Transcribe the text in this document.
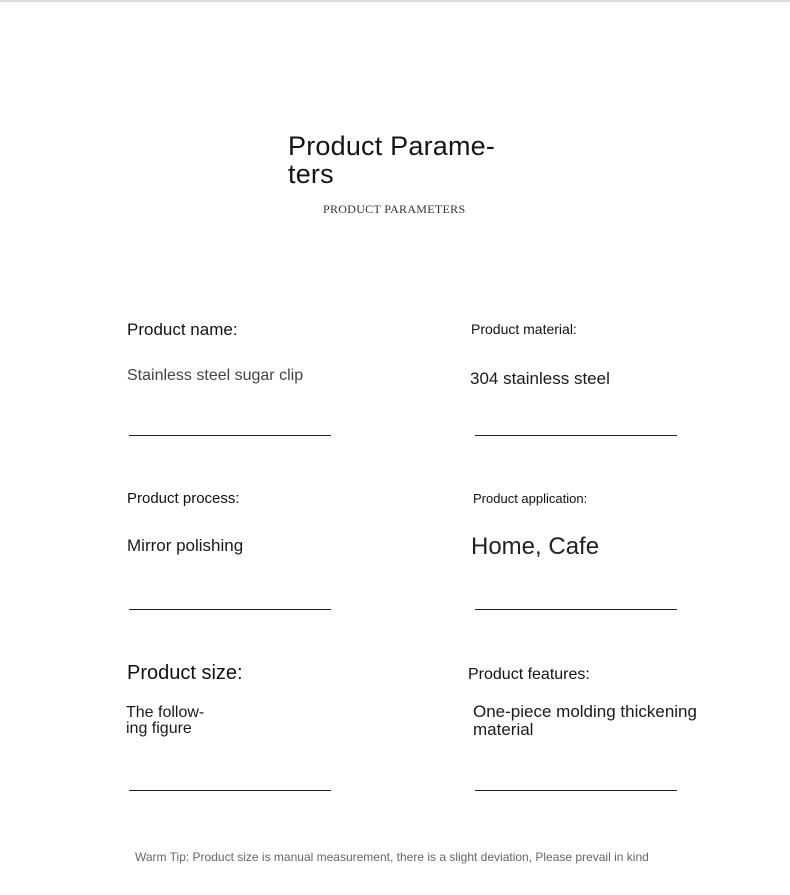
Product Parame-
ters
PRODUCT PARAMETERS
Product name:
Stainless steel sugar clip
Product material:
304 stainless steel
Product process:
Mirror polishing
Product application:
Home, Cafe
Product size:
The follow-
ing figure
Product features:
One-piece molding thickening
material
Warm Tip: Product size is manual measurement, there is a slight deviation, Please prevail in kind
